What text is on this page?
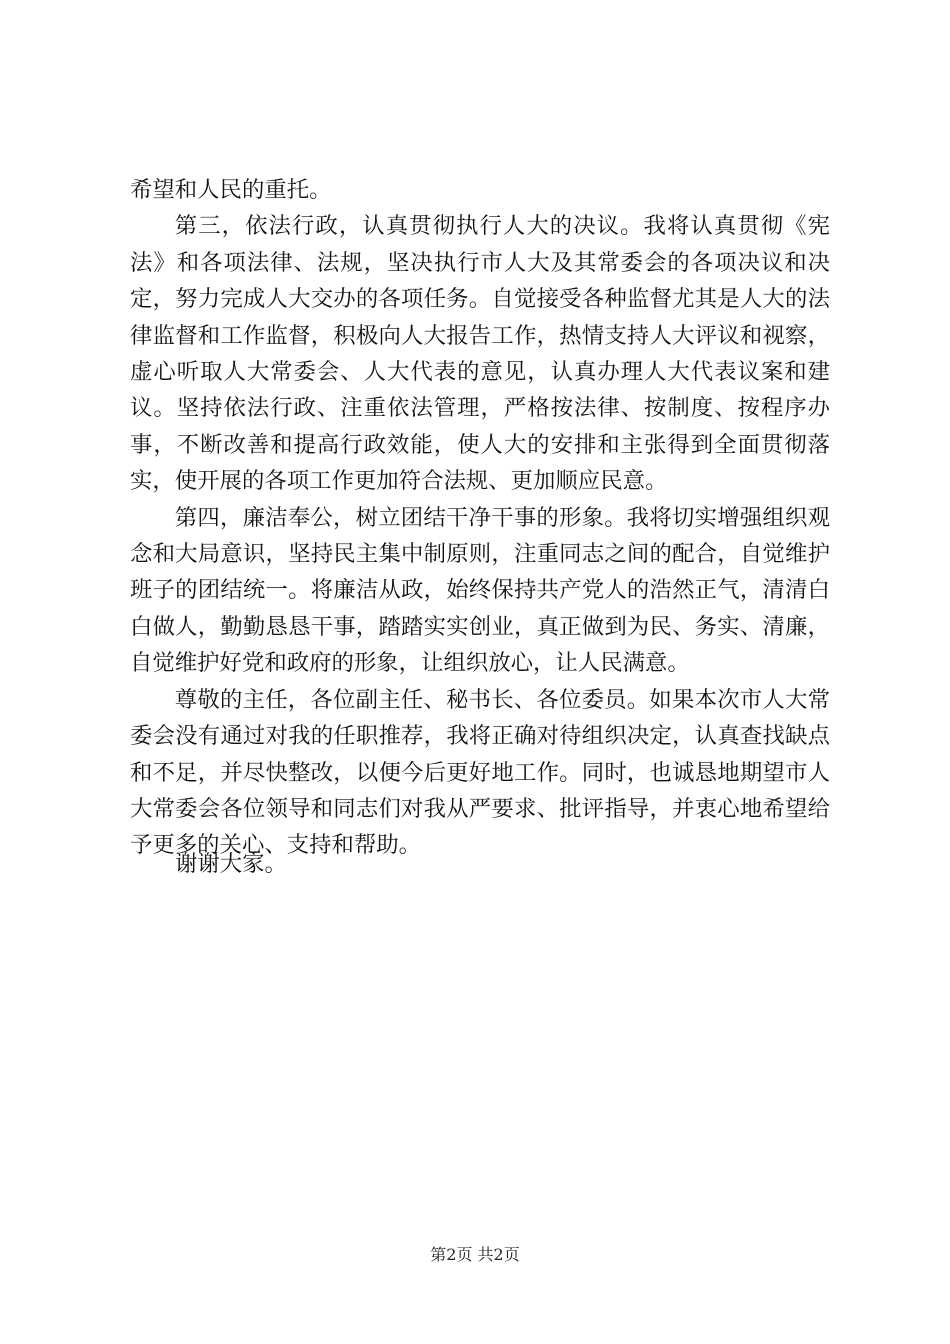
希望和人民的重托。

第三，依法行政，认真贯彻执行人大的决议。我将认真贯彻《宪法》和各项法律、法规，坚决执行市人大及其常委会的各项决议和决定，努力完成人大交办的各项任务。自觉接受各种监督尤其是人大的法律监督和工作监督，积极向人大报告工作，热情支持人大评议和视察，虚心听取人大常委会、人大代表的意见，认真办理人大代表议案和建议。坚持依法行政、注重依法管理，严格按法律、按制度、按程序办事，不断改善和提高行政效能，使人大的安排和主张得到全面贯彻落实，使开展的各项工作更加符合法规、更加顺应民意。

第四，廉洁奉公，树立团结干净干事的形象。我将切实增强组织观念和大局意识，坚持民主集中制原则，注重同志之间的配合，自觉维护班子的团结统一。将廉洁从政，始终保持共产党人的浩然正气，清清白白做人，勤勤恳恳干事，踏踏实实创业，真正做到为民、务实、清廉，自觉维护好党和政府的形象，让组织放心，让人民满意。

尊敬的主任，各位副主任、秘书长、各位委员。如果本次市人大常委会没有通过对我的任职推荐，我将正确对待组织决定，认真查找缺点和不足，并尽快整改，以便今后更好地工作。同时，也诚恳地期望市人大常委会各位领导和同志们对我从严要求、批评指导，并衷心地希望给予更多的关心、支持和帮助。

谢谢大家。
第2页 共2页
